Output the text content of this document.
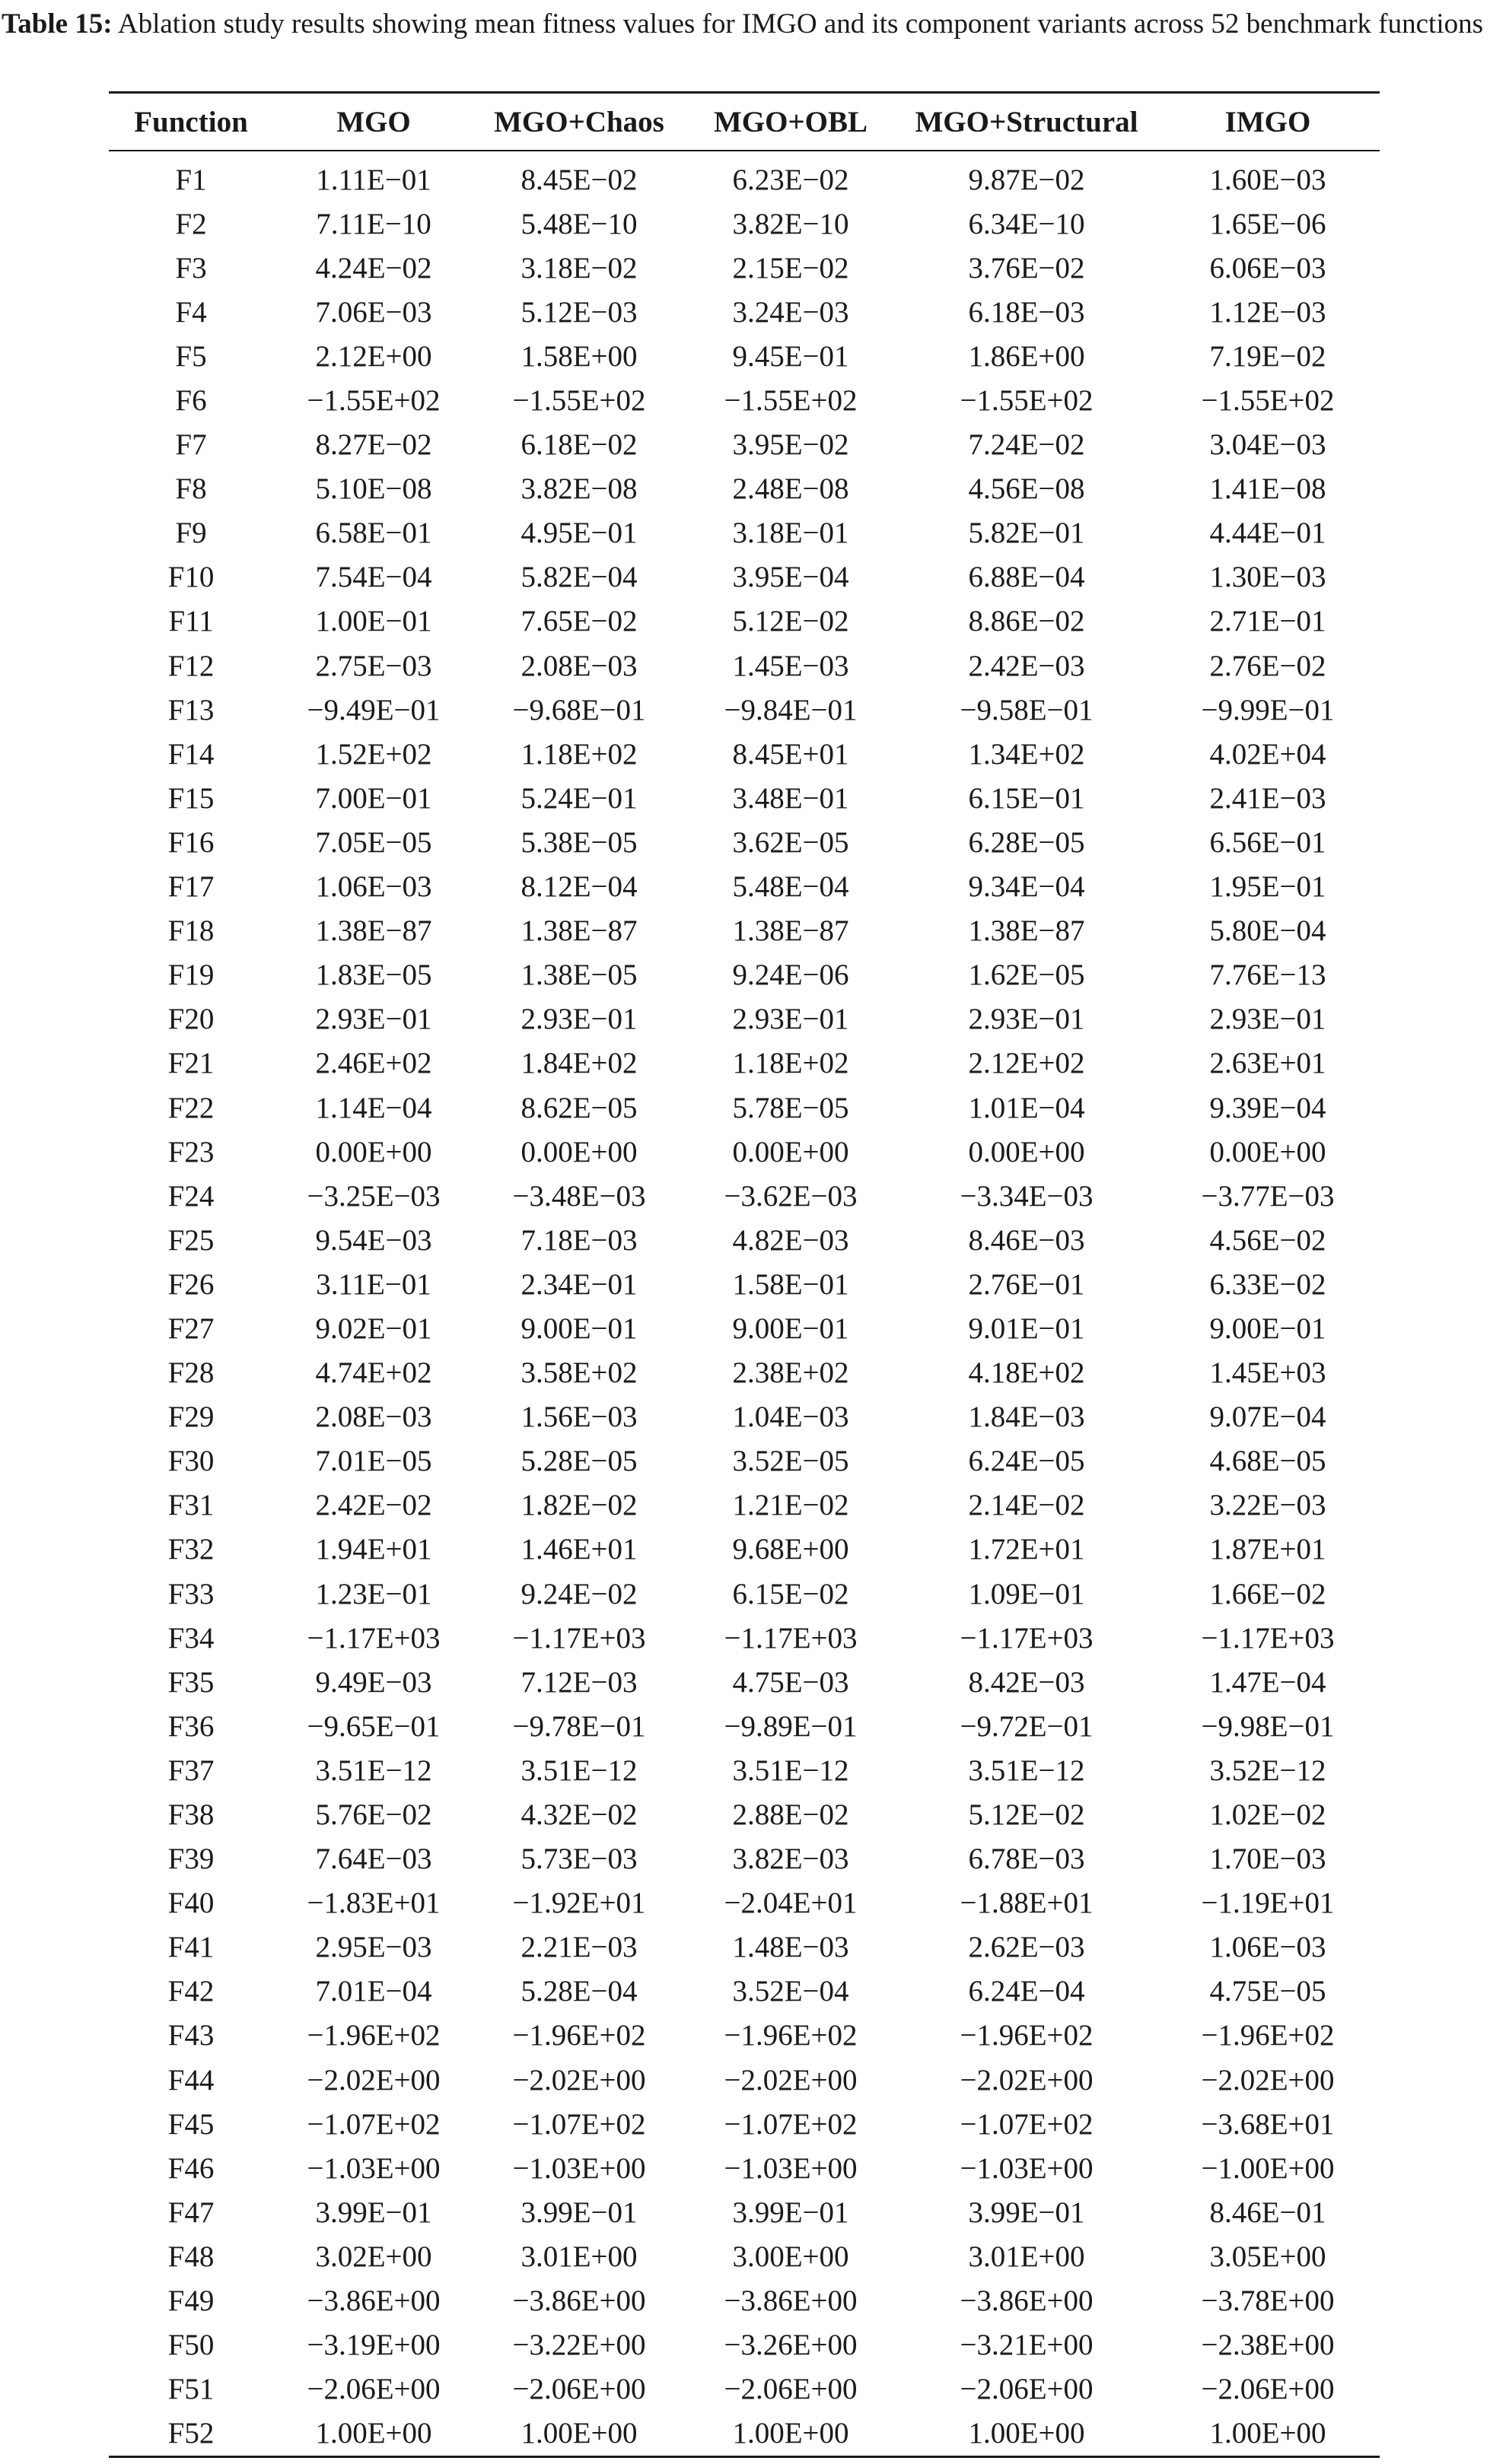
Table 15: Ablation study results showing mean fitness values for IMGO and its component variants across 52 benchmark functions

Function	MGO	MGO+Chaos	MGO+OBL	MGO+Structural	IMGO
F1	1.11E−01	8.45E−02	6.23E−02	9.87E−02	1.60E−03
F2	7.11E−10	5.48E−10	3.82E−10	6.34E−10	1.65E−06
F3	4.24E−02	3.18E−02	2.15E−02	3.76E−02	6.06E−03
F4	7.06E−03	5.12E−03	3.24E−03	6.18E−03	1.12E−03
F5	2.12E+00	1.58E+00	9.45E−01	1.86E+00	7.19E−02
F6	−1.55E+02	−1.55E+02	−1.55E+02	−1.55E+02	−1.55E+02
F7	8.27E−02	6.18E−02	3.95E−02	7.24E−02	3.04E−03
F8	5.10E−08	3.82E−08	2.48E−08	4.56E−08	1.41E−08
F9	6.58E−01	4.95E−01	3.18E−01	5.82E−01	4.44E−01
F10	7.54E−04	5.82E−04	3.95E−04	6.88E−04	1.30E−03
F11	1.00E−01	7.65E−02	5.12E−02	8.86E−02	2.71E−01
F12	2.75E−03	2.08E−03	1.45E−03	2.42E−03	2.76E−02
F13	−9.49E−01	−9.68E−01	−9.84E−01	−9.58E−01	−9.99E−01
F14	1.52E+02	1.18E+02	8.45E+01	1.34E+02	4.02E+04
F15	7.00E−01	5.24E−01	3.48E−01	6.15E−01	2.41E−03
F16	7.05E−05	5.38E−05	3.62E−05	6.28E−05	6.56E−01
F17	1.06E−03	8.12E−04	5.48E−04	9.34E−04	1.95E−01
F18	1.38E−87	1.38E−87	1.38E−87	1.38E−87	5.80E−04
F19	1.83E−05	1.38E−05	9.24E−06	1.62E−05	7.76E−13
F20	2.93E−01	2.93E−01	2.93E−01	2.93E−01	2.93E−01
F21	2.46E+02	1.84E+02	1.18E+02	2.12E+02	2.63E+01
F22	1.14E−04	8.62E−05	5.78E−05	1.01E−04	9.39E−04
F23	0.00E+00	0.00E+00	0.00E+00	0.00E+00	0.00E+00
F24	−3.25E−03	−3.48E−03	−3.62E−03	−3.34E−03	−3.77E−03
F25	9.54E−03	7.18E−03	4.82E−03	8.46E−03	4.56E−02
F26	3.11E−01	2.34E−01	1.58E−01	2.76E−01	6.33E−02
F27	9.02E−01	9.00E−01	9.00E−01	9.01E−01	9.00E−01
F28	4.74E+02	3.58E+02	2.38E+02	4.18E+02	1.45E+03
F29	2.08E−03	1.56E−03	1.04E−03	1.84E−03	9.07E−04
F30	7.01E−05	5.28E−05	3.52E−05	6.24E−05	4.68E−05
F31	2.42E−02	1.82E−02	1.21E−02	2.14E−02	3.22E−03
F32	1.94E+01	1.46E+01	9.68E+00	1.72E+01	1.87E+01
F33	1.23E−01	9.24E−02	6.15E−02	1.09E−01	1.66E−02
F34	−1.17E+03	−1.17E+03	−1.17E+03	−1.17E+03	−1.17E+03
F35	9.49E−03	7.12E−03	4.75E−03	8.42E−03	1.47E−04
F36	−9.65E−01	−9.78E−01	−9.89E−01	−9.72E−01	−9.98E−01
F37	3.51E−12	3.51E−12	3.51E−12	3.51E−12	3.52E−12
F38	5.76E−02	4.32E−02	2.88E−02	5.12E−02	1.02E−02
F39	7.64E−03	5.73E−03	3.82E−03	6.78E−03	1.70E−03
F40	−1.83E+01	−1.92E+01	−2.04E+01	−1.88E+01	−1.19E+01
F41	2.95E−03	2.21E−03	1.48E−03	2.62E−03	1.06E−03
F42	7.01E−04	5.28E−04	3.52E−04	6.24E−04	4.75E−05
F43	−1.96E+02	−1.96E+02	−1.96E+02	−1.96E+02	−1.96E+02
F44	−2.02E+00	−2.02E+00	−2.02E+00	−2.02E+00	−2.02E+00
F45	−1.07E+02	−1.07E+02	−1.07E+02	−1.07E+02	−3.68E+01
F46	−1.03E+00	−1.03E+00	−1.03E+00	−1.03E+00	−1.00E+00
F47	3.99E−01	3.99E−01	3.99E−01	3.99E−01	8.46E−01
F48	3.02E+00	3.01E+00	3.00E+00	3.01E+00	3.05E+00
F49	−3.86E+00	−3.86E+00	−3.86E+00	−3.86E+00	−3.78E+00
F50	−3.19E+00	−3.22E+00	−3.26E+00	−3.21E+00	−2.38E+00
F51	−2.06E+00	−2.06E+00	−2.06E+00	−2.06E+00	−2.06E+00
F52	1.00E+00	1.00E+00	1.00E+00	1.00E+00	1.00E+00
